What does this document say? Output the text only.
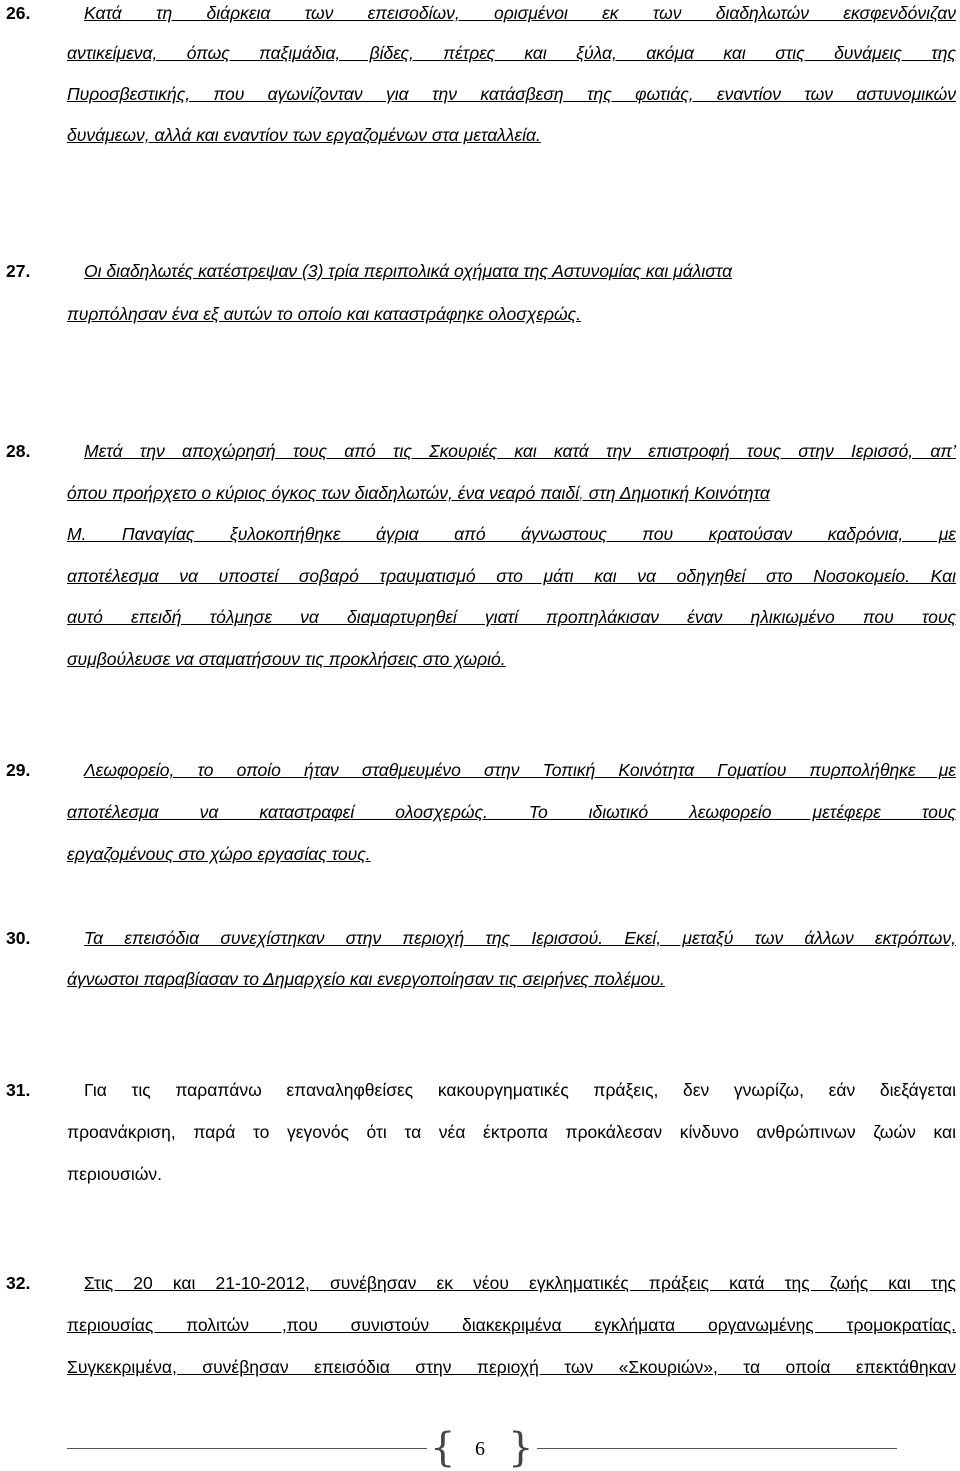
26.	Κατά τη διάρκεια των επεισοδίων, ορισμένοι εκ των διαδηλωτών εκσφενδόνιζαν
αντικείμενα, όπως παξιμάδια, βίδες, πέτρες και ξύλα, ακόμα και στις δυνάμεις της
Πυροσβεστικής, που αγωνίζονταν για την κατάσβεση της φωτιάς, εναντίον των αστυνομικών
δυνάμεων, αλλά και εναντίον των εργαζομένων στα μεταλλεία.
27.	Οι διαδηλωτές κατέστρεψαν (3) τρία περιπολικά οχήματα της Αστυνομίας και μάλιστα
πυρπόλησαν ένα εξ αυτών το οποίο και καταστράφηκε ολοσχερώς.
28.	Μετά την αποχώρησή τους από τις Σκουριές και κατά την επιστροφή τους στην Ιερισσό, απ’
όπου προήρχετο ο κύριος όγκος των διαδηλωτών, ένα νεαρό παιδί, στη Δημοτική Κοινότητα
Μ. Παναγίας ξυλοκοπήθηκε άγρια από άγνωστους που κρατούσαν καδρόνια, με
αποτέλεσμα να υποστεί σοβαρό τραυματισμό στο μάτι και να οδηγηθεί στο Νοσοκομείο. Και
αυτό επειδή τόλμησε να διαμαρτυρηθεί γιατί προπηλάκισαν έναν ηλικιωμένο που τους
συμβούλευσε να σταματήσουν τις προκλήσεις στο χωριό.
29.	Λεωφορείο, το οποίο ήταν σταθμευμένο στην Τοπική Κοινότητα Γοματίου πυρπολήθηκε με
αποτέλεσμα να καταστραφεί ολοσχερώς. Το ιδιωτικό λεωφορείο μετέφερε τους
εργαζομένους στο χώρο εργασίας τους.
30.	Τα επεισόδια συνεχίστηκαν στην περιοχή της Ιερισσού. Εκεί, μεταξύ των άλλων εκτρόπων,
άγνωστοι παραβίασαν το Δημαρχείο και ενεργοποίησαν τις σειρήνες πολέμου.
31.	Για τις παραπάνω επαναληφθείσες κακουργηματικές πράξεις, δεν γνωρίζω, εάν διεξάγεται
προανάκριση, παρά το γεγονός ότι τα νέα έκτροπα προκάλεσαν κίνδυνο ανθρώπινων ζωών και
περιουσιών.
32.	Στις 20 και 21-10-2012, συνέβησαν εκ νέου εγκληματικές πράξεις κατά της ζωής και της
περιουσίας πολιτών ,που συνιστούν διακεκριμένα εγκλήματα οργανωμένης τρομοκρατίας.
Συγκεκριμένα, συνέβησαν επεισόδια στην περιοχή των «Σκουριών», τα οποία επεκτάθηκαν
{ 6 }
